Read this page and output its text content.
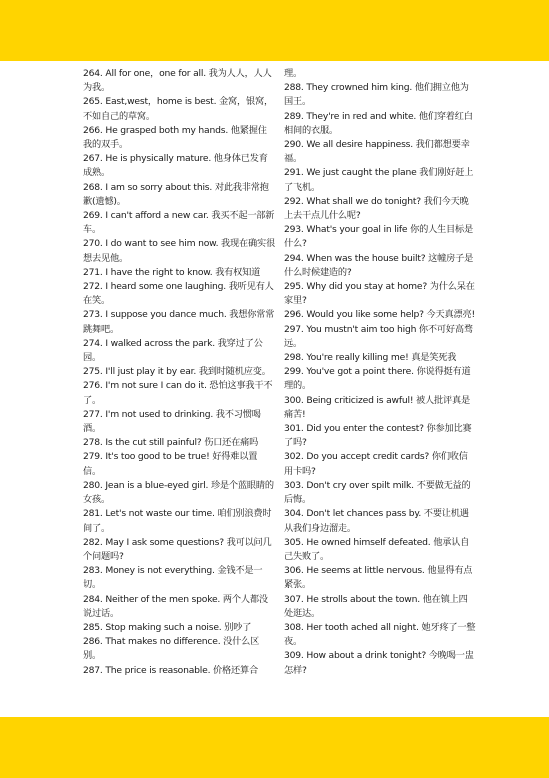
264. All for one，one for all. 我为人人，人人为我。
265. East,west，home is best. 金窝，银窝，不如自己的草窝。
266. He grasped both my hands. 他紧握住我的双手。
267. He is physically mature. 他身体已发育成熟。
268. I am so sorry about this. 对此我非常抱歉(遗憾)。
269. I can't afford a new car. 我买不起一部新车。
270. I do want to see him now. 我现在确实很想去见他。
271. I have the right to know. 我有权知道
272. I heard some one laughing. 我听见有人在笑。
273. I suppose you dance much. 我想你常常跳舞吧。
274. I walked across the park. 我穿过了公园。
275. I'll just play it by ear. 我到时随机应变。
276. I'm not sure I can do it. 恐怕这事我干不了。
277. I'm not used to drinking. 我不习惯喝酒。
278. Is the cut still painful? 伤口还在痛吗
279. It's too good to be true! 好得难以置信。
280. Jean is a blue-eyed girl. 珍是个蓝眼睛的女孩。
281. Let's not waste our time. 咱们别浪费时间了。
282. May I ask some questions? 我可以问几个问题吗?
283. Money is not everything. 金钱不是一切。
284. Neither of the men spoke. 两个人都没说过话。
285. Stop making such a noise. 别吵了
286. That makes no difference. 没什么区别。
287. The price is reasonable. 价格还算合
理。
288. They crowned him king. 他们拥立他为国王。
289. They're in red and white. 他们穿着红白相间的衣服。
290. We all desire happiness. 我们都想要幸福。
291. We just caught the plane 我们刚好赶上了飞机。
292. What shall we do tonight? 我们今天晚上去干点儿什么呢?
293. What's your goal in life 你的人生目标是什么?
294. When was the house built? 这幢房子是什么时候建造的?
295. Why did you stay at home? 为什么呆在家里?
296. Would you like some help? 今天真漂亮!
297. You mustn't aim too high 你不可好高骛远。
298. You're really killing me! 真是笑死我
299. You've got a point there. 你说得挺有道理的。
300. Being criticized is awful! 被人批评真是痛苦!
301. Did you enter the contest? 你参加比赛了吗?
302. Do you accept credit cards? 你们收信用卡吗?
303. Don't cry over spilt milk. 不要做无益的后悔。
304. Don't let chances pass by. 不要让机遇从我们身边溜走。
305. He owned himself defeated. 他承认自己失败了。
306. He seems at little nervous. 他显得有点紧张。
307. He strolls about the town. 他在镇上四处逛达。
308. Her tooth ached all night. 她牙疼了一整夜。
309. How about a drink tonight? 今晚喝一盅怎样?
